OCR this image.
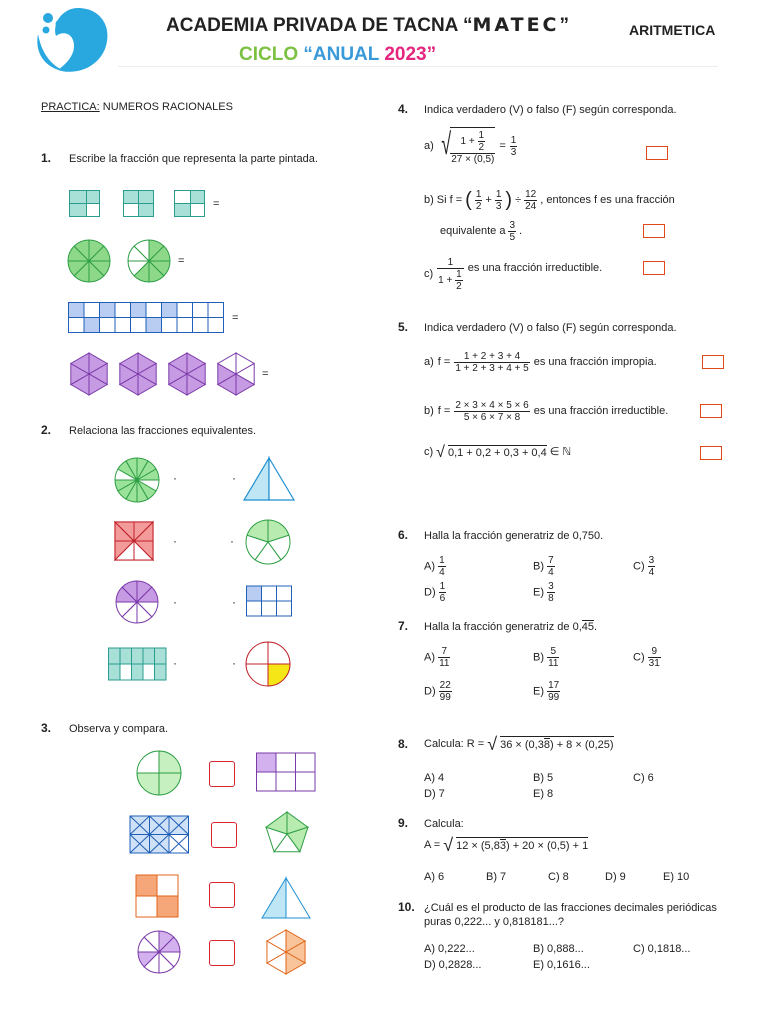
ACADEMIA PRIVADA DE TACNA “MATEC”	ARITMETICA
CICLO “ANUAL 2023”
PRACTICA: NUMEROS RACIONALES
1. Escribe la fracción que representa la parte pintada.
=
=
=
=
2. Relaciona las fracciones equivalentes.
·
·
·
·
·
·
·
·
3. Observa y compara.
4. Indica verdadero (V) o falso (F) según corresponda.
a) √ $\frac{1 + \frac{1}{2}}{27 \times (0,5)} = \frac{1}{3}$
b) Si f = ( $\frac{1}{2} + \frac{1}{3}$ ) ÷ $\frac{12}{24}$ , entonces f es una fracción
equivalente a $\frac{3}{5}$ .
$c) \frac{1}{1 + \frac{1}{2}}$ es una fracción irreductible.
5. Indica verdadero (V) o falso (F) según corresponda.
a) $f = \frac{1 + 2 + 3 + 4}{1 + 2 + 3 + 4 + 5}$ es una fracción impropia.
b) $f = \frac{2 \times 3 \times 4 \times 5 \times 6}{5 \times 6 \times 7 \times 8}$ es una fracción irreductible.
c) √ 0,1 + 0,2 + 0,3 + 0,4 ∈ ℕ
6. Halla la fracción generatriz de 0,750.
$A) \frac{1}{4}$	$B) \frac{7}{4}$	$C) \frac{3}{4}$
$D) \frac{1}{6}$	$E) \frac{3}{8}$
7. Halla la fracción generatriz de 0,45.
$A) \frac{7}{11}$	$B) \frac{5}{11}$	$C) \frac{9}{31}$
$D) \frac{22}{99}$	$E) \frac{17}{99}$
8. Calcula: R = √ 36 × (0,38) + 8 × (0,25)
A) 4	B) 5	C) 6
D) 7	E) 8
9. Calcula:
A = √ 12 × (5,83) + 20 × (0,5) + 1
A) 6	B) 7	C) 8	D) 9	E) 10
10. ¿Cuál es el producto de las fracciones decimales periódicas
puras 0,222... y 0,818181...?
A) 0,222...	B) 0,888...	C) 0,1818...
D) 0,2828...	E) 0,1616...
